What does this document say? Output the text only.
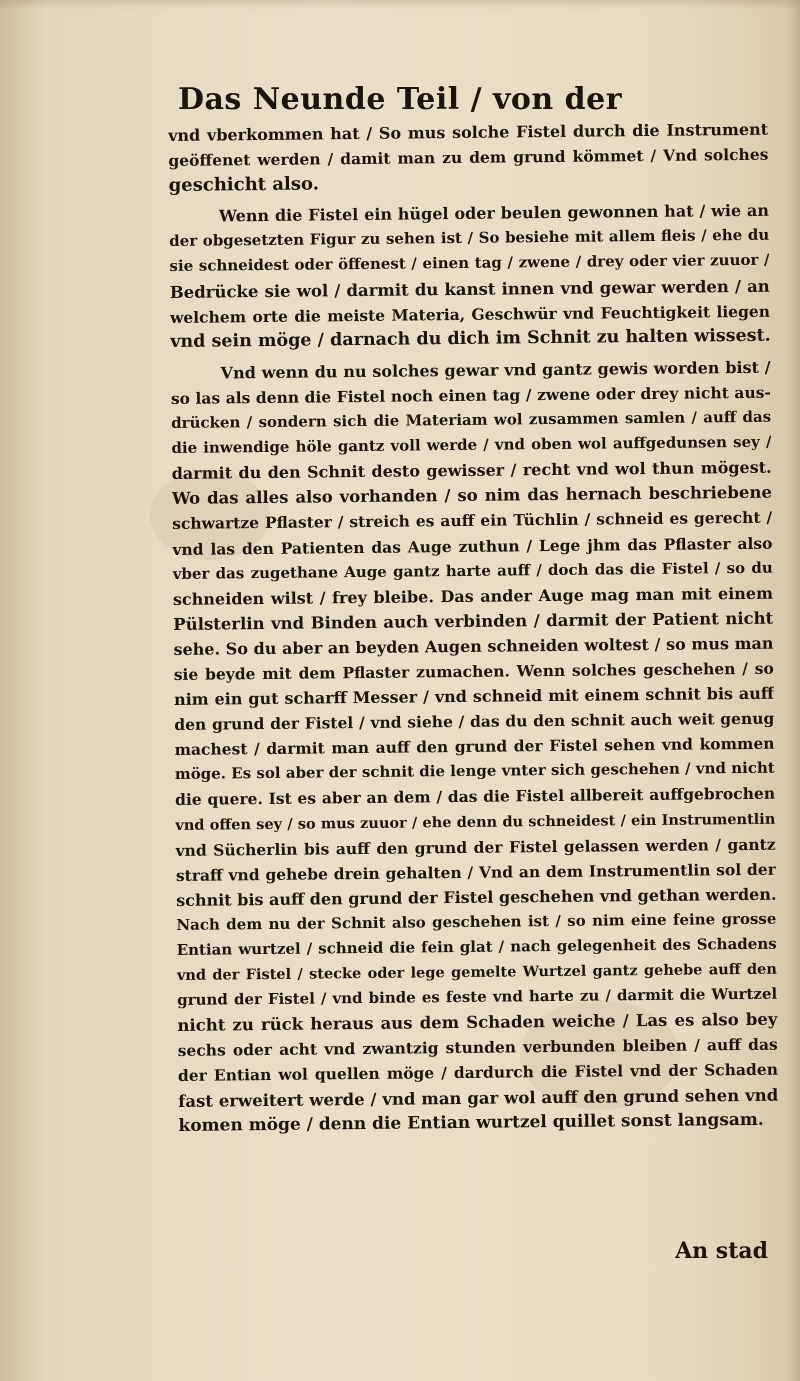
Das Neunde Teil / von der
vnd vberkommen hat / So mus solche Fistel durch die Instrument
geöffenet werden / damit man zu dem grund kömmet / Vnd solches
geschicht also.
Wenn die Fistel ein hügel oder beulen gewonnen hat / wie an
der obgesetzten Figur zu sehen ist / So besiehe mit allem fleis / ehe du
sie schneidest oder öffenest / einen tag / zwene / drey oder vier zuuor /
Bedrücke sie wol / darmit du kanst innen vnd gewar werden / an
welchem orte die meiste Materia, Geschwür vnd Feuchtigkeit liegen
vnd sein möge / darnach du dich im Schnit zu halten wissest.
Vnd wenn du nu solches gewar vnd gantz gewis worden bist /
so las als denn die Fistel noch einen tag / zwene oder drey nicht aus-
drücken / sondern sich die Materiam wol zusammen samlen / auff das
die inwendige höle gantz voll werde / vnd oben wol auffgedunsen sey /
darmit du den Schnit desto gewisser / recht vnd wol thun mögest.
Wo das alles also vorhanden / so nim das hernach beschriebene
schwartze Pflaster / streich es auff ein Tüchlin / schneid es gerecht /
vnd las den Patienten das Auge zuthun / Lege jhm das Pflaster also
vber das zugethane Auge gantz harte auff / doch das die Fistel / so du
schneiden wilst / frey bleibe. Das ander Auge mag man mit einem
Pülsterlin vnd Binden auch verbinden / darmit der Patient nicht
sehe. So du aber an beyden Augen schneiden woltest / so mus man
sie beyde mit dem Pflaster zumachen. Wenn solches geschehen / so
nim ein gut scharff Messer / vnd schneid mit einem schnit bis auff
den grund der Fistel / vnd siehe / das du den schnit auch weit genug
machest / darmit man auff den grund der Fistel sehen vnd kommen
möge. Es sol aber der schnit die lenge vnter sich geschehen / vnd nicht
die quere. Ist es aber an dem / das die Fistel allbereit auffgebrochen
vnd offen sey / so mus zuuor / ehe denn du schneidest / ein Instrumentlin
vnd Sücherlin bis auff den grund der Fistel gelassen werden / gantz
straff vnd gehebe drein gehalten / Vnd an dem Instrumentlin sol der
schnit bis auff den grund der Fistel geschehen vnd gethan werden.
Nach dem nu der Schnit also geschehen ist / so nim eine feine grosse
Entian wurtzel / schneid die fein glat / nach gelegenheit des Schadens
vnd der Fistel / stecke oder lege gemelte Wurtzel gantz gehebe auff den
grund der Fistel / vnd binde es feste vnd harte zu / darmit die Wurtzel
nicht zu rück heraus aus dem Schaden weiche / Las es also bey
sechs oder acht vnd zwantzig stunden verbunden bleiben / auff das
der Entian wol quellen möge / dardurch die Fistel vnd der Schaden
fast erweitert werde / vnd man gar wol auff den grund sehen vnd
komen möge / denn die Entian wurtzel quillet sonst langsam.
An stad
